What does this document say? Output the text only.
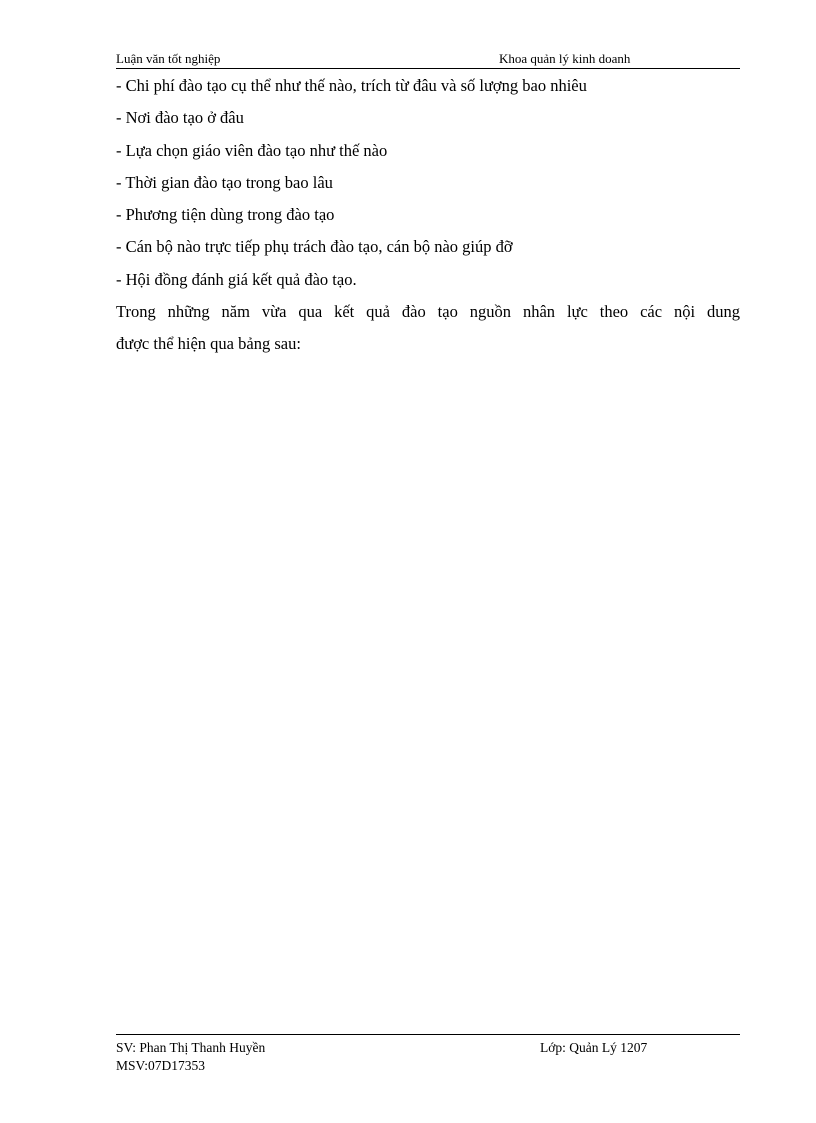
Luận văn tốt nghiệp	Khoa quản lý kinh doanh
- Chi phí đào tạo cụ thể như thế nào, trích từ đâu và số lượng bao nhiêu
- Nơi đào tạo ở đâu
- Lựa chọn giáo viên đào tạo như thế nào
- Thời gian đào tạo trong bao lâu
- Phương tiện dùng trong đào tạo
- Cán bộ nào trực tiếp phụ trách đào tạo, cán bộ nào giúp đỡ
- Hội đồng đánh giá kết quả đào tạo.
Trong những năm vừa qua kết quả đào tạo nguồn nhân lực theo các nội dung
được thể hiện qua bảng sau:
SV: Phan Thị Thanh Huyền	Lớp: Quản Lý 1207
MSV:07D17353
